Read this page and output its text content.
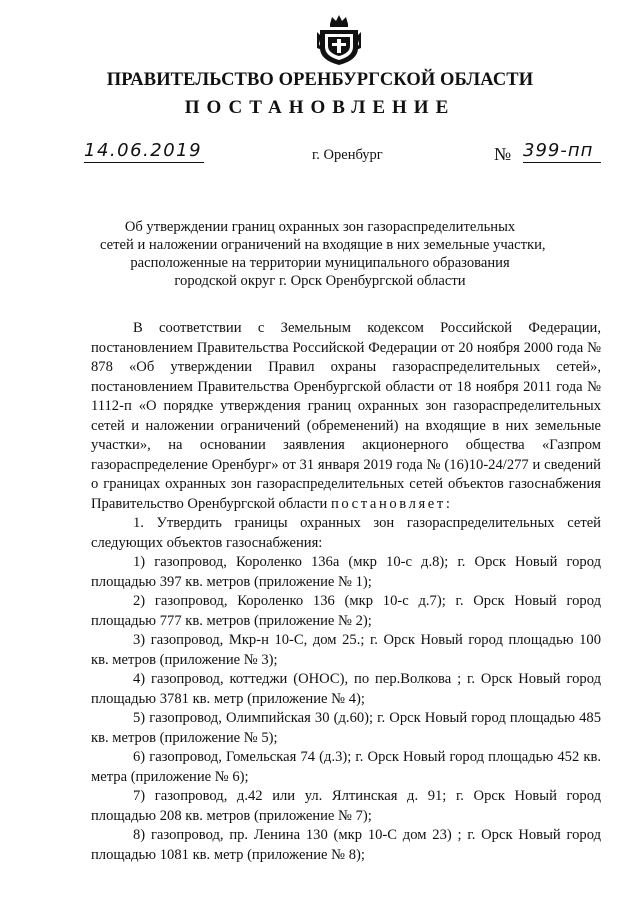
ПРАВИТЕЛЬСТВО ОРЕНБУРГСКОЙ ОБЛАСТИ
ПОСТАНОВЛЕНИЕ
14.06.2019	г. Оренбург	№ 399-пп
Об утверждении границ охранных зон газораспределительных
сетей и наложении ограничений на входящие в них земельные участки,
расположенные на территории муниципального образования
городской округ г. Орск Оренбургской области

В соответствии с Земельным кодексом Российской Федерации, постановлением Правительства Российской Федерации от 20 ноября 2000 года № 878 «Об утверждении Правил охраны газораспределительных сетей», постановлением Правительства Оренбургской области от 18 ноября 2011 года № 1112-п «О порядке утверждения границ охранных зон газораспределительных сетей и наложении ограничений (обременений) на входящие в них земельные участки», на основании заявления акционерного общества «Газпром газораспределение Оренбург» от 31 января 2019 года № (16)10-24/277 и сведений о границах охранных зон газораспределительных сетей объектов газоснабжения Правительство Оренбургской области постановляет:

1. Утвердить границы охранных зон газораспределительных сетей следующих объектов газоснабжения:

1) газопровод, Короленко 136а (мкр 10-с д.8); г. Орск Новый город площадью 397 кв. метров (приложение № 1);

2) газопровод, Короленко 136 (мкр 10-с д.7); г. Орск Новый город площадью 777 кв. метров (приложение № 2);

3) газопровод, Мкр-н 10-С, дом 25.; г. Орск Новый город площадью 100 кв. метров (приложение № 3);

4) газопровод, коттеджи (ОНОС), по пер.Волкова ; г. Орск Новый город площадью 3781 кв. метр (приложение № 4);

5) газопровод, Олимпийская 30 (д.60); г. Орск Новый город площадью 485 кв. метров (приложение № 5);

6) газопровод, Гомельская 74 (д.3); г. Орск Новый город площадью 452 кв. метра (приложение № 6);

7) газопровод, д.42 или ул. Ялтинская д. 91; г. Орск Новый город площадью 208 кв. метров (приложение № 7);

8) газопровод, пр. Ленина 130 (мкр 10-С дом 23) ; г. Орск Новый город площадью 1081 кв. метр (приложение № 8);
